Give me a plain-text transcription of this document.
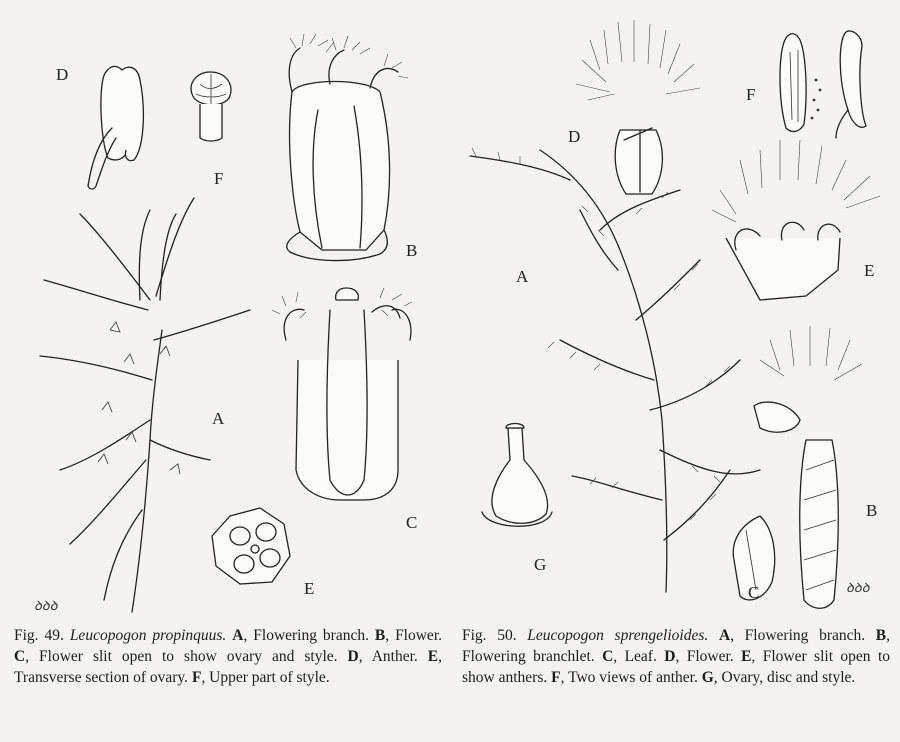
D
F
B
A
C
E
ꝺꝺꝺ
D
F
A	E
B
G
C	ꝺꝺꝺ
Fig. 49. Leucopogon propinquus. A, Flowering branch. B, Flower. C, Flower slit open to show ovary and style. D, Anther. E, Transverse section of ovary. F, Upper part of style.
Fig. 50. Leucopogon sprengelioides. A, Flowering branch. B, Flowering branchlet. C, Leaf. D, Flower. E, Flower slit open to show anthers. F, Two views of anther. G, Ovary, disc and style.
